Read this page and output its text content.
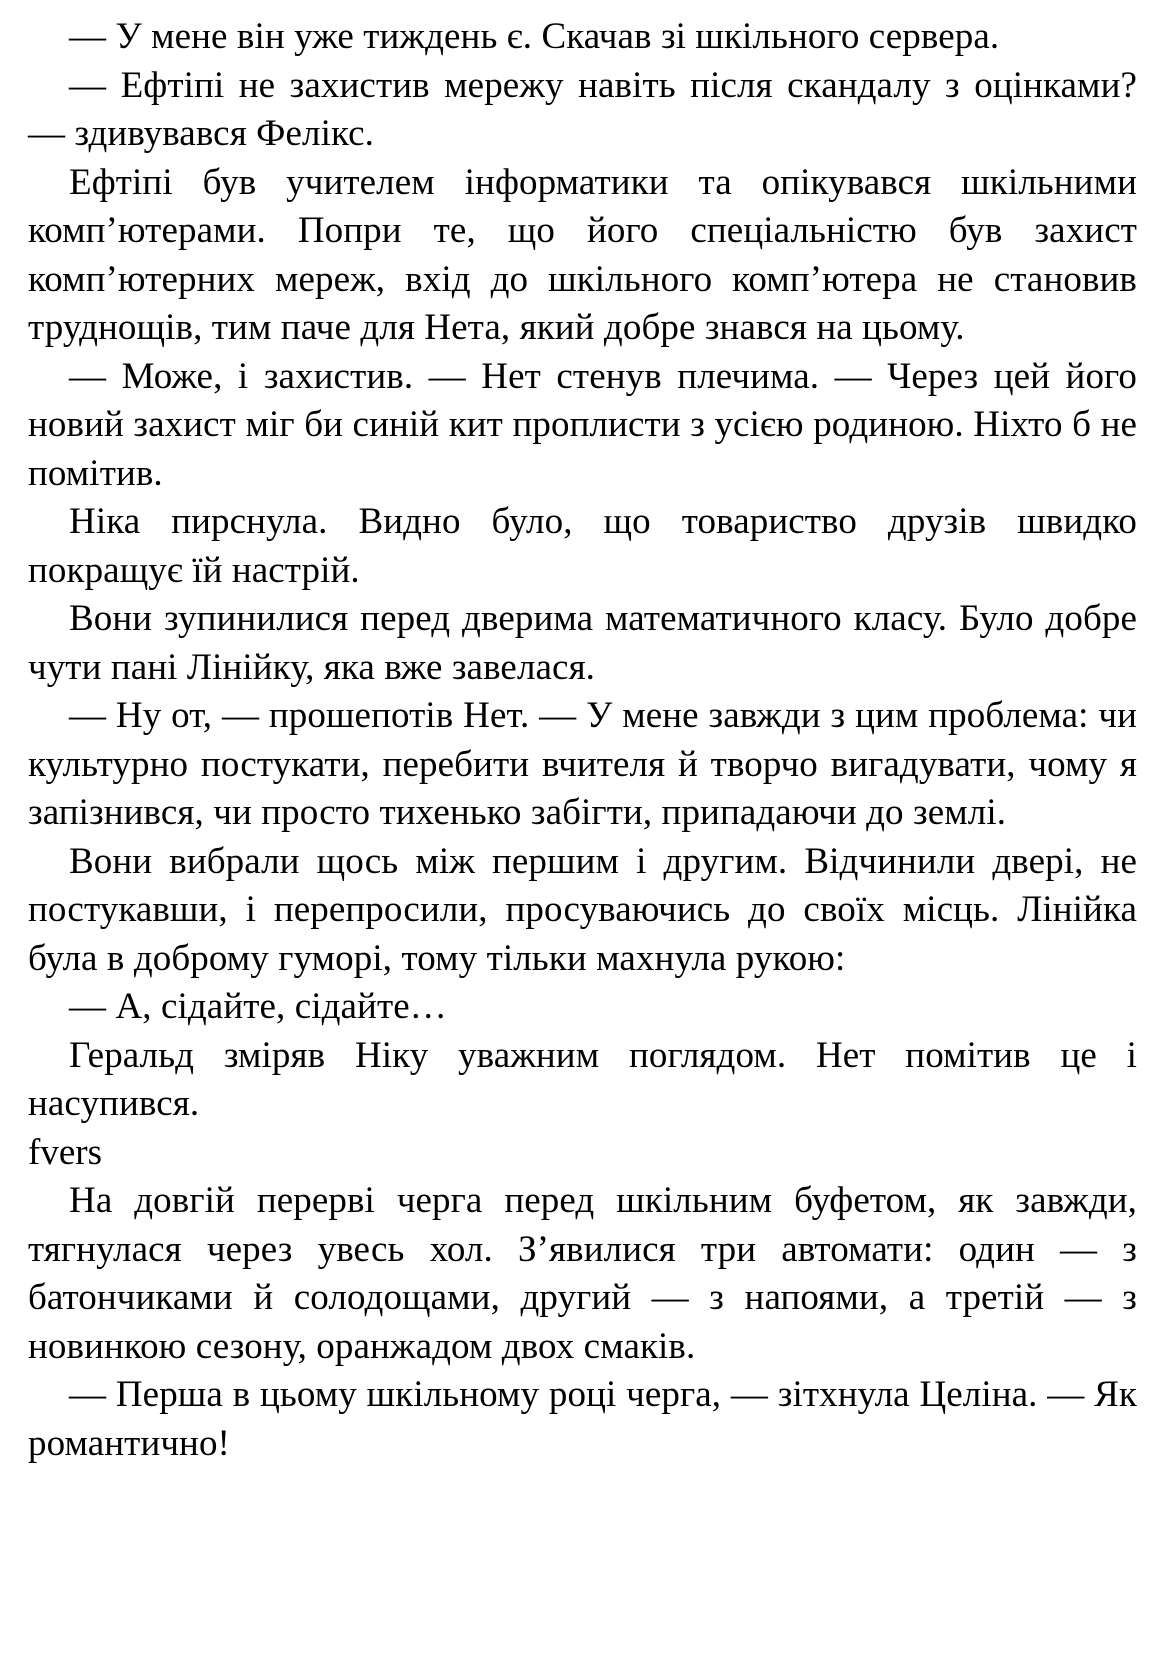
— У мене він уже тиждень є. Скачав зі шкільного сервера.

— Ефтіпі не захистив мережу навіть після скандалу з оцінками? — здивувався Фелікс.

Ефтіпі був учителем інформатики та опікувався шкільними комп’ютерами. Попри те, що його спеціальністю був захист комп’ютерних мереж, вхід до шкільного комп’ютера не становив труднощів, тим паче для Нета, який добре знався на цьому.

— Може, і захистив. — Нет стенув плечима. — Через цей його новий захист міг би синій кит проплисти з усією родиною. Ніхто б не помітив.

Ніка пирснула. Видно було, що товариство друзів швидко покращує їй настрій.

Вони зупинилися перед дверима математичного класу. Було добре чути пані Лінійку, яка вже завелася.

— Ну от, — прошепотів Нет. — У мене завжди з цим проблема: чи культурно постукати, перебити вчителя й творчо вигадувати, чому я запізнився, чи просто тихенько забігти, припадаючи до землі.

Вони вибрали щось між першим і другим. Відчинили двері, не постукавши, і перепросили, просуваючись до своїх місць. Лінійка була в доброму гуморі, тому тільки махнула рукою:

— А, сідайте, сідайте…

Геральд зміряв Ніку уважним поглядом. Нет помітив це і насупився.

fvers

На довгій перерві черга перед шкільним буфетом, як завжди, тягнулася через увесь хол. З’явилися три автомати: один — з батончиками й солодощами, другий — з напоями, а третій — з новинкою сезону, оранжадом двох смаків.

— Перша в цьому шкільному році черга, — зітхнула Целіна. — Як романтично!
